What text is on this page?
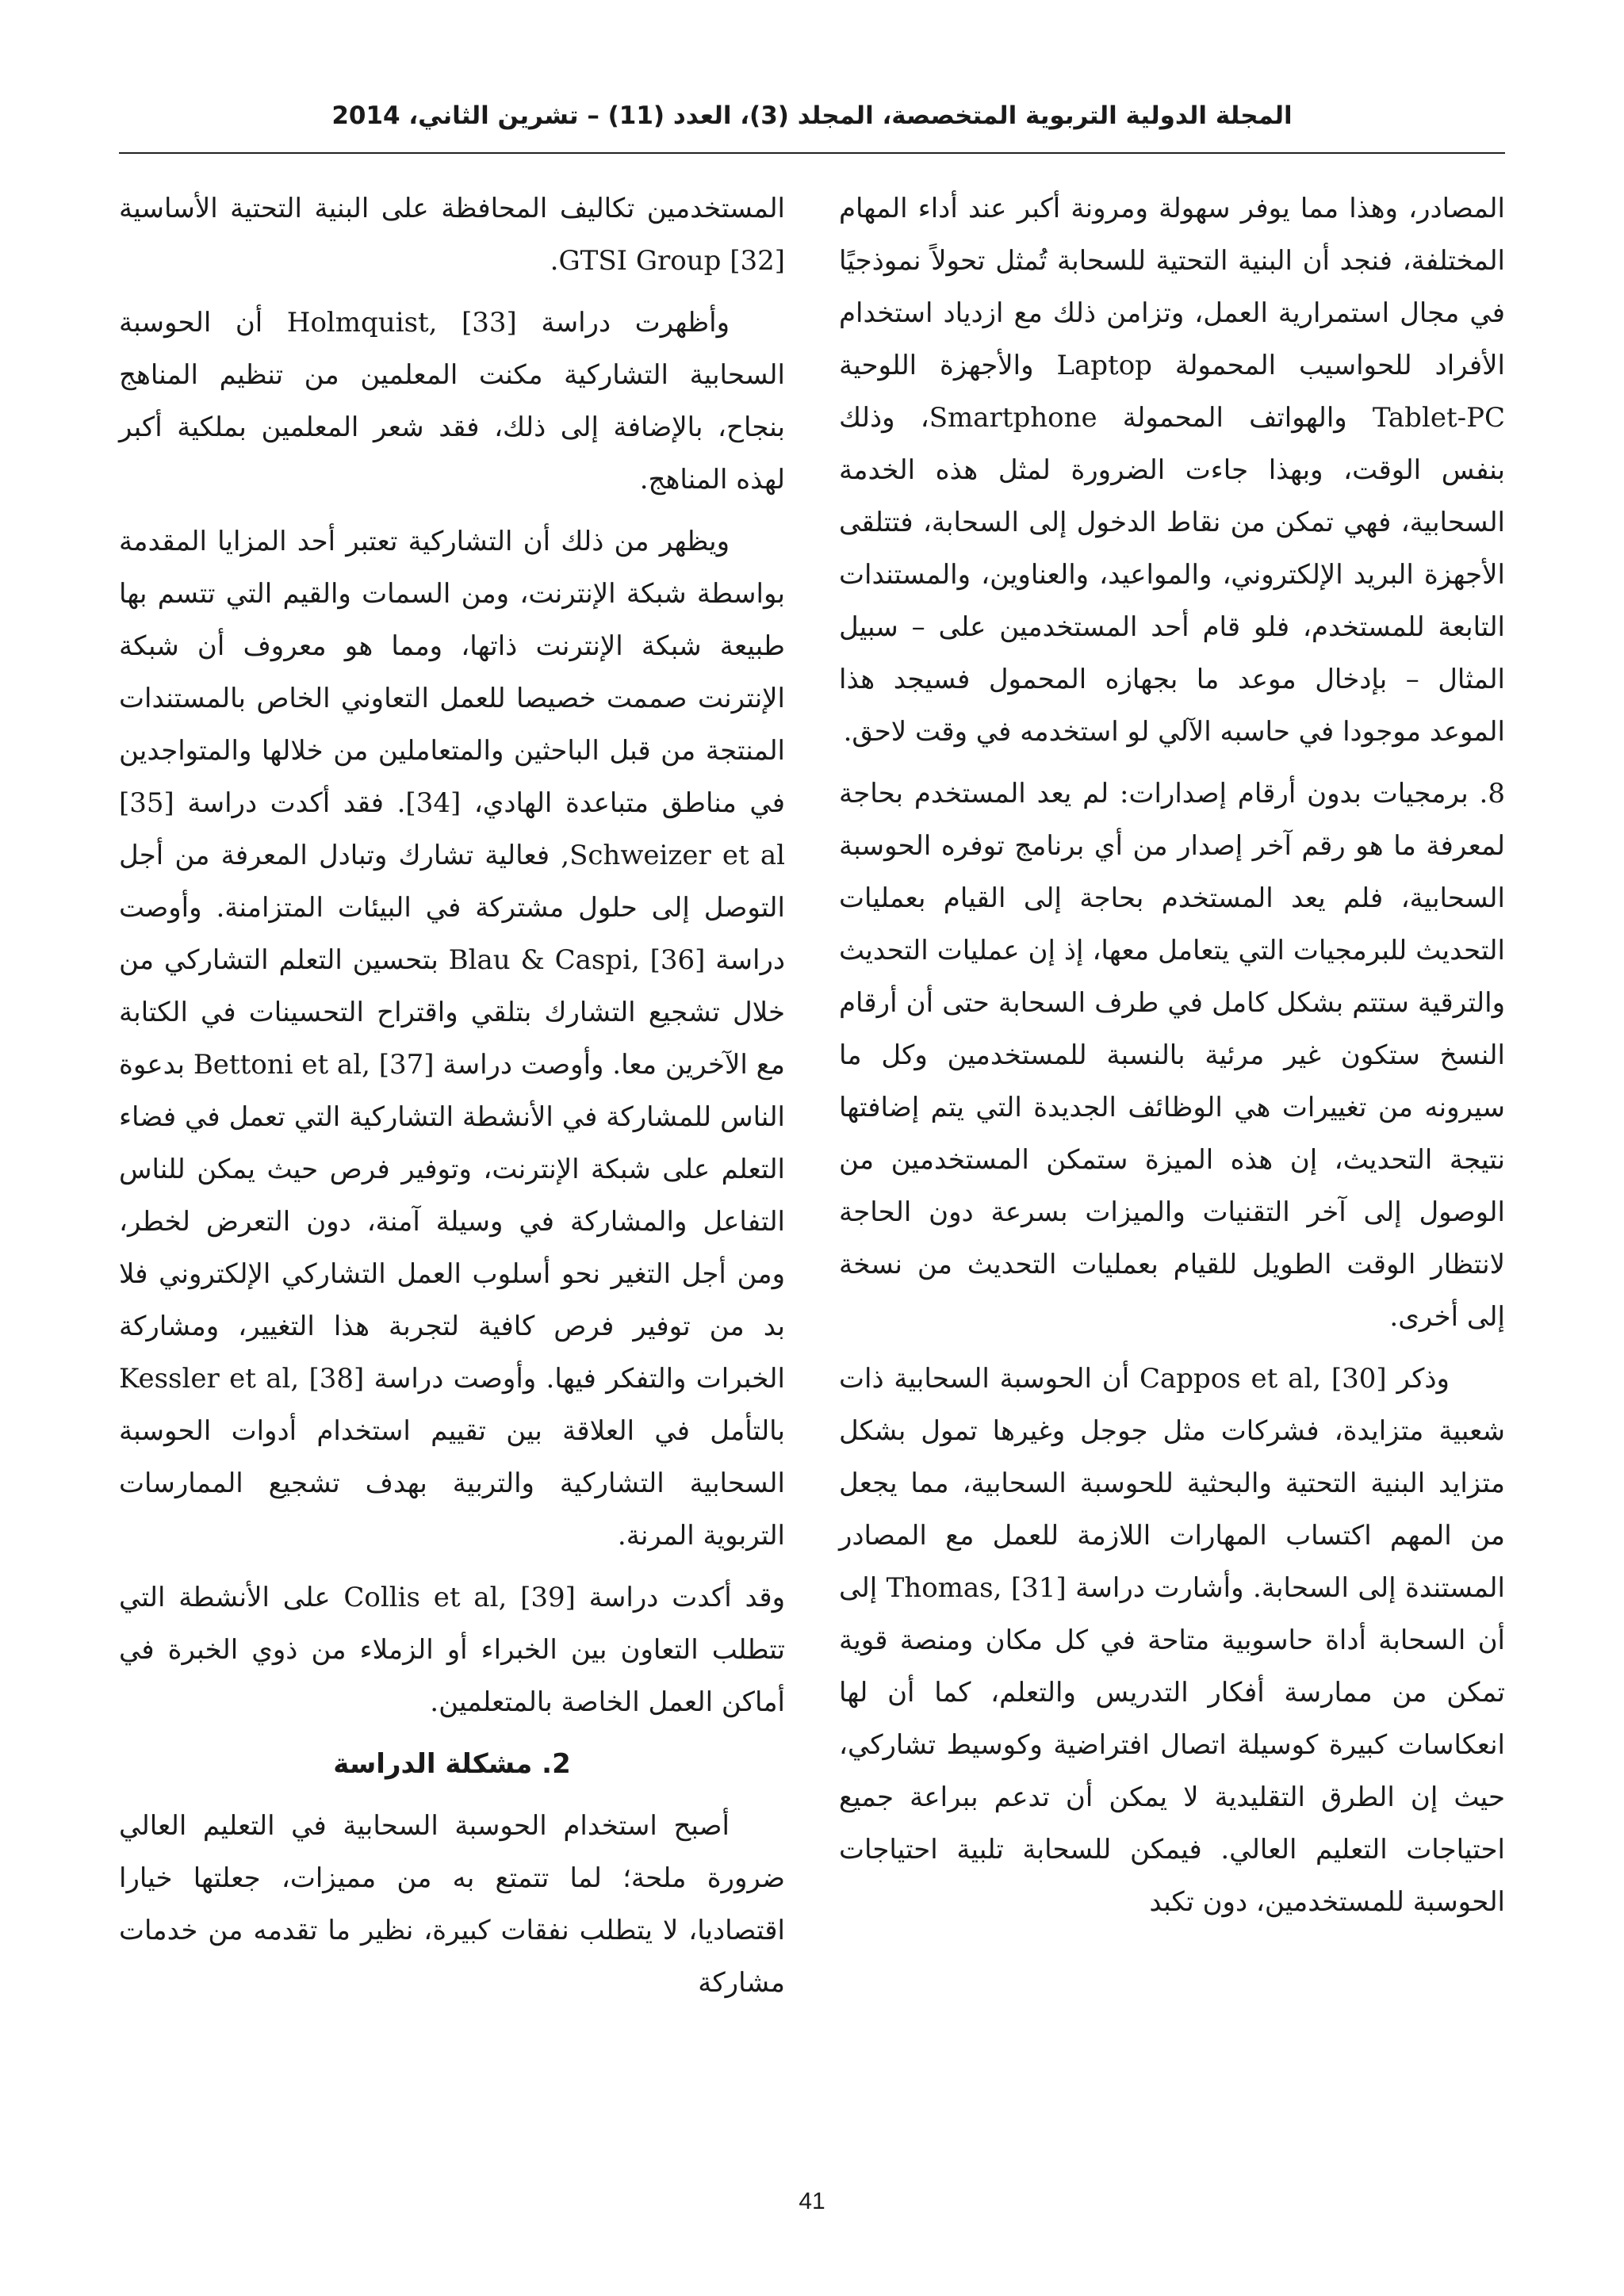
المجلة الدولية التربوية المتخصصة، المجلد (3)، العدد (11) – تشرين الثاني، 2014

المصادر، وهذا مما يوفر سهولة ومرونة أكبر عند أداء المهام المختلفة، فنجد أن البنية التحتية للسحابة تُمثل تحولاً نموذجيًا في مجال استمرارية العمل، وتزامن ذلك مع ازدياد استخدام الأفراد للحواسيب المحمولة Laptop والأجهزة اللوحية Tablet-PC والهواتف المحمولة Smartphone، وذلك بنفس الوقت، وبهذا جاءت الضرورة لمثل هذه الخدمة السحابية، فهي تمكن من نقاط الدخول إلى السحابة، فتتلقى الأجهزة البريد الإلكتروني، والمواعيد، والعناوين، والمستندات التابعة للمستخدم، فلو قام أحد المستخدمين على – سبيل المثال – بإدخال موعد ما بجهازه المحمول فسيجد هذا الموعد موجودا في حاسبه الآلي لو استخدمه في وقت لاحق.

8. برمجيات بدون أرقام إصدارات: لم يعد المستخدم بحاجة لمعرفة ما هو رقم آخر إصدار من أي برنامج توفره الحوسبة السحابية، فلم يعد المستخدم بحاجة إلى القيام بعمليات التحديث للبرمجيات التي يتعامل معها، إذ إن عمليات التحديث والترقية ستتم بشكل كامل في طرف السحابة حتى أن أرقام النسخ ستكون غير مرئية بالنسبة للمستخدمين وكل ما سيرونه من تغييرات هي الوظائف الجديدة التي يتم إضافتها نتيجة التحديث، إن هذه الميزة ستمكن المستخدمين من الوصول إلى آخر التقنيات والميزات بسرعة دون الحاجة لانتظار الوقت الطويل للقيام بعمليات التحديث من نسخة إلى أخرى.

وذكر Cappos et al, [30] أن الحوسبة السحابية ذات شعبية متزايدة، فشركات مثل جوجل وغيرها تمول بشكل متزايد البنية التحتية والبحثية للحوسبة السحابية، مما يجعل من المهم اكتساب المهارات اللازمة للعمل مع المصادر المستندة إلى السحابة. وأشارت دراسة Thomas, [31] إلى أن السحابة أداة حاسوبية متاحة في كل مكان ومنصة قوية تمكن من ممارسة أفكار التدريس والتعلم، كما أن لها انعكاسات كبيرة كوسيلة اتصال افتراضية وكوسيط تشاركي، حيث إن الطرق التقليدية لا يمكن أن تدعم ببراعة جميع احتياجات التعليم العالي. فيمكن للسحابة تلبية احتياجات الحوسبة للمستخدمين، دون تكبد

المستخدمين تكاليف المحافظة على البنية التحتية الأساسية GTSI Group [32].

وأظهرت دراسة Holmquist, [33] أن الحوسبة السحابية التشاركية مكنت المعلمين من تنظيم المناهج بنجاح، بالإضافة إلى ذلك، فقد شعر المعلمين بملكية أكبر لهذه المناهج.

ويظهر من ذلك أن التشاركية تعتبر أحد المزايا المقدمة بواسطة شبكة الإنترنت، ومن السمات والقيم التي تتسم بها طبيعة شبكة الإنترنت ذاتها، ومما هو معروف أن شبكة الإنترنت صممت خصيصا للعمل التعاوني الخاص بالمستندات المنتجة من قبل الباحثين والمتعاملين من خلالها والمتواجدين في مناطق متباعدة الهادي، [34]. فقد أكدت دراسة [35] Schweizer et al, فعالية تشارك وتبادل المعرفة من أجل التوصل إلى حلول مشتركة في البيئات المتزامنة. وأوصت دراسة Blau & Caspi, [36] بتحسين التعلم التشاركي من خلال تشجيع التشارك بتلقي واقتراح التحسينات في الكتابة مع الآخرين معا. وأوصت دراسة Bettoni et al, [37] بدعوة الناس للمشاركة في الأنشطة التشاركية التي تعمل في فضاء التعلم على شبكة الإنترنت، وتوفير فرص حيث يمكن للناس التفاعل والمشاركة في وسيلة آمنة، دون التعرض لخطر، ومن أجل التغير نحو أسلوب العمل التشاركي الإلكتروني فلا بد من توفير فرص كافية لتجربة هذا التغيير، ومشاركة الخبرات والتفكر فيها. وأوصت دراسة Kessler et al, [38] بالتأمل في العلاقة بين تقييم استخدام أدوات الحوسبة السحابية التشاركية والتربية بهدف تشجيع الممارسات التربوية المرنة.

وقد أكدت دراسة Collis et al, [39] على الأنشطة التي تتطلب التعاون بين الخبراء أو الزملاء من ذوي الخبرة في أماكن العمل الخاصة بالمتعلمين.

2. مشكلة الدراسة

أصبح استخدام الحوسبة السحابية في التعليم العالي ضرورة ملحة؛ لما تتمتع به من مميزات، جعلتها خيارا اقتصاديا، لا يتطلب نفقات كبيرة، نظير ما تقدمه من خدمات مشاركة

41
